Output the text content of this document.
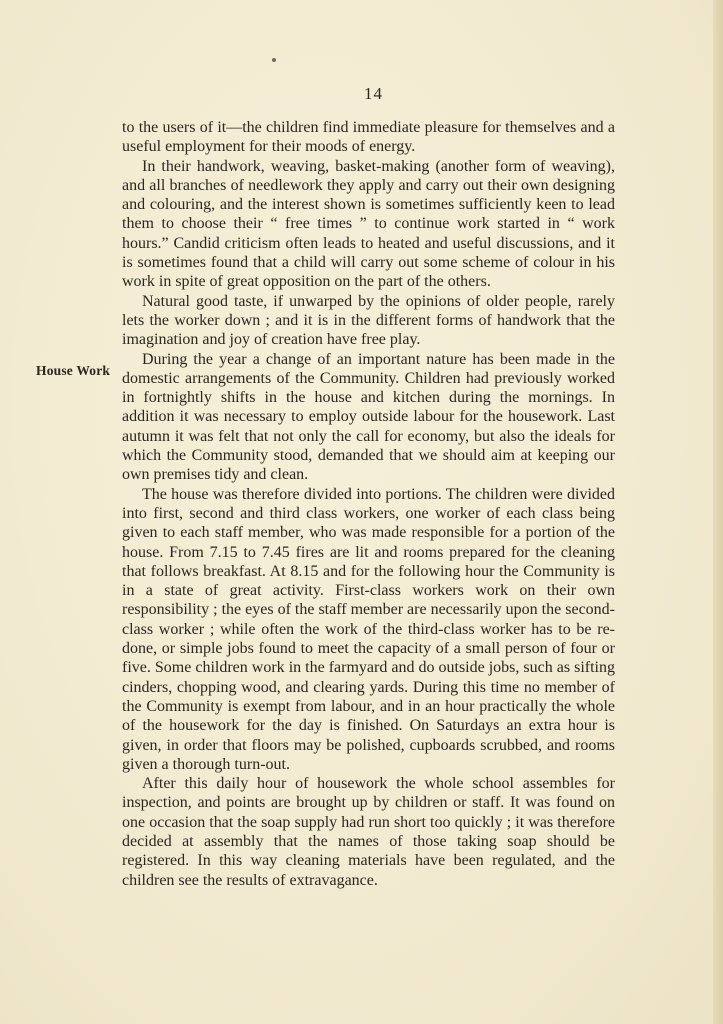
14
House Work

to the users of it—the children find immediate pleasure for themselves and a useful employment for their moods of energy.

In their handwork, weaving, basket-making (another form of weaving), and all branches of needlework they apply and carry out their own designing and colouring, and the interest shown is sometimes sufficiently keen to lead them to choose their “ free times ” to continue work started in “ work hours.” Candid criticism often leads to heated and useful discussions, and it is sometimes found that a child will carry out some scheme of colour in his work in spite of great opposition on the part of the others.

Natural good taste, if unwarped by the opinions of older people, rarely lets the worker down ; and it is in the different forms of handwork that the imagination and joy of creation have free play.

During the year a change of an important nature has been made in the domestic arrangements of the Community. Children had previously worked in fortnightly shifts in the house and kitchen during the mornings. In addition it was necessary to employ outside labour for the housework. Last autumn it was felt that not only the call for economy, but also the ideals for which the Community stood, demanded that we should aim at keeping our own premises tidy and clean.

The house was therefore divided into portions. The children were divided into first, second and third class workers, one worker of each class being given to each staff member, who was made responsible for a portion of the house. From 7.15 to 7.45 fires are lit and rooms prepared for the cleaning that follows breakfast. At 8.15 and for the following hour the Community is in a state of great activity. First-class workers work on their own responsibility ; the eyes of the staff member are necessarily upon the second-class worker ; while often the work of the third-class worker has to be re-done, or simple jobs found to meet the capacity of a small person of four or five. Some children work in the farmyard and do outside jobs, such as sifting cinders, chopping wood, and clearing yards. During this time no member of the Community is exempt from labour, and in an hour practically the whole of the housework for the day is finished. On Saturdays an extra hour is given, in order that floors may be polished, cupboards scrubbed, and rooms given a thorough turn-out.

After this daily hour of housework the whole school assembles for inspection, and points are brought up by children or staff. It was found on one occasion that the soap supply had run short too quickly ; it was therefore decided at assembly that the names of those taking soap should be registered. In this way cleaning materials have been regulated, and the children see the results of extravagance.
